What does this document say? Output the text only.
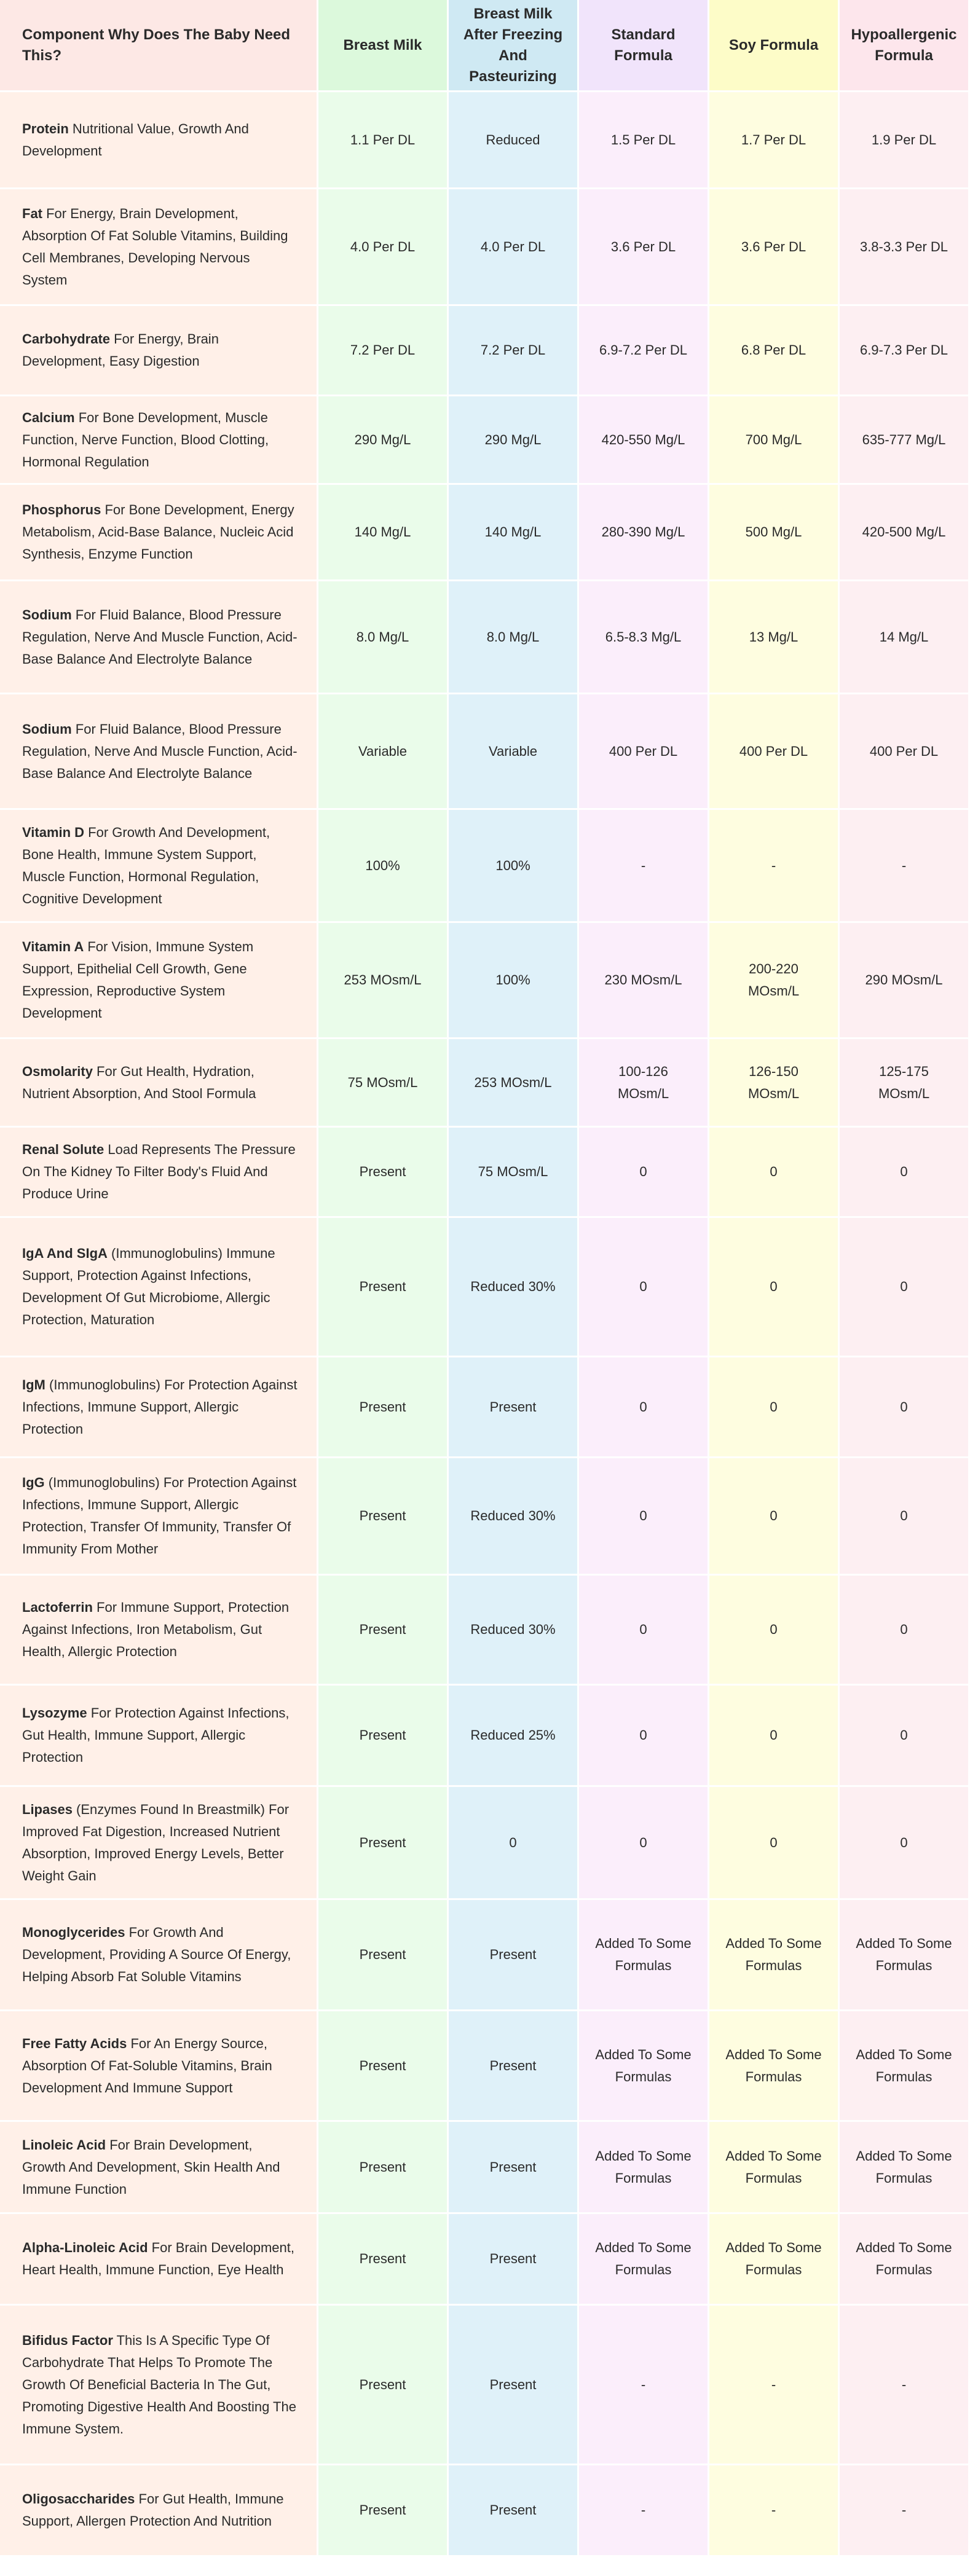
Component Why Does The Baby Need This?	Breast Milk	Breast Milk After Freezing And Pasteurizing	Standard Formula	Soy Formula	Hypoallergenic Formula
Protein Nutritional Value, Growth And Development	1.1 Per DL	Reduced	1.5 Per DL	1.7 Per DL	1.9 Per DL
Fat For Energy, Brain Development, Absorption Of Fat Soluble Vitamins, Building Cell Membranes, Developing Nervous System	4.0 Per DL	4.0 Per DL	3.6 Per DL	3.6 Per DL	3.8-3.3 Per DL
Carbohydrate For Energy, Brain Development, Easy Digestion	7.2 Per DL	7.2 Per DL	6.9-7.2 Per DL	6.8 Per DL	6.9-7.3 Per DL
Calcium For Bone Development, Muscle Function, Nerve Function, Blood Clotting, Hormonal Regulation	290 Mg/L	290 Mg/L	420-550 Mg/L	700 Mg/L	635-777 Mg/L
Phosphorus For Bone Development, Energy Metabolism, Acid-Base Balance, Nucleic Acid Synthesis, Enzyme Function	140 Mg/L	140 Mg/L	280-390 Mg/L	500 Mg/L	420-500 Mg/L
Sodium For Fluid Balance, Blood Pressure Regulation, Nerve And Muscle Function, Acid-Base Balance And Electrolyte Balance	8.0 Mg/L	8.0 Mg/L	6.5-8.3 Mg/L	13 Mg/L	14 Mg/L
Sodium For Fluid Balance, Blood Pressure Regulation, Nerve And Muscle Function, Acid-Base Balance And Electrolyte Balance	Variable	Variable	400 Per DL	400 Per DL	400 Per DL
Vitamin D For Growth And Development, Bone Health, Immune System Support, Muscle Function, Hormonal Regulation, Cognitive Development	100%	100%	-	-	-
Vitamin A For Vision, Immune System Support, Epithelial Cell Growth, Gene Expression, Reproductive System Development	253 MOsm/L	100%	230 MOsm/L	200-220 MOsm/L	290 MOsm/L
Osmolarity For Gut Health, Hydration, Nutrient Absorption, And Stool Formula	75 MOsm/L	253 MOsm/L	100-126 MOsm/L	126-150 MOsm/L	125-175 MOsm/L
Renal Solute Load Represents The Pressure On The Kidney To Filter Body's Fluid And Produce Urine	Present	75 MOsm/L	0	0	0
IgA And SIgA (Immunoglobulins) Immune Support, Protection Against Infections, Development Of Gut Microbiome, Allergic Protection, Maturation	Present	Reduced 30%	0	0	0
IgM (Immunoglobulins) For Protection Against Infections, Immune Support, Allergic Protection	Present	Present	0	0	0
IgG (Immunoglobulins) For Protection Against Infections, Immune Support, Allergic Protection, Transfer Of Immunity, Transfer Of Immunity From Mother	Present	Reduced 30%	0	0	0
Lactoferrin For Immune Support, Protection Against Infections, Iron Metabolism, Gut Health, Allergic Protection	Present	Reduced 30%	0	0	0
Lysozyme For Protection Against Infections, Gut Health, Immune Support, Allergic Protection	Present	Reduced 25%	0	0	0
Lipases (Enzymes Found In Breastmilk) For Improved Fat Digestion, Increased Nutrient Absorption, Improved Energy Levels, Better Weight Gain	Present	0	0	0	0
Monoglycerides For Growth And Development, Providing A Source Of Energy, Helping Absorb Fat Soluble Vitamins	Present	Present	Added To Some Formulas	Added To Some Formulas	Added To Some Formulas
Free Fatty Acids For An Energy Source, Absorption Of Fat-Soluble Vitamins, Brain Development And Immune Support	Present	Present	Added To Some Formulas	Added To Some Formulas	Added To Some Formulas
Linoleic Acid For Brain Development, Growth And Development, Skin Health And Immune Function	Present	Present	Added To Some Formulas	Added To Some Formulas	Added To Some Formulas
Alpha-Linoleic Acid For Brain Development, Heart Health, Immune Function, Eye Health	Present	Present	Added To Some Formulas	Added To Some Formulas	Added To Some Formulas
Bifidus Factor This Is A Specific Type Of Carbohydrate That Helps To Promote The Growth Of Beneficial Bacteria In The Gut, Promoting Digestive Health And Boosting The Immune System.	Present	Present	-	-	-
Oligosaccharides For Gut Health, Immune Support, Allergen Protection And Nutrition	Present	Present	-	-	-
